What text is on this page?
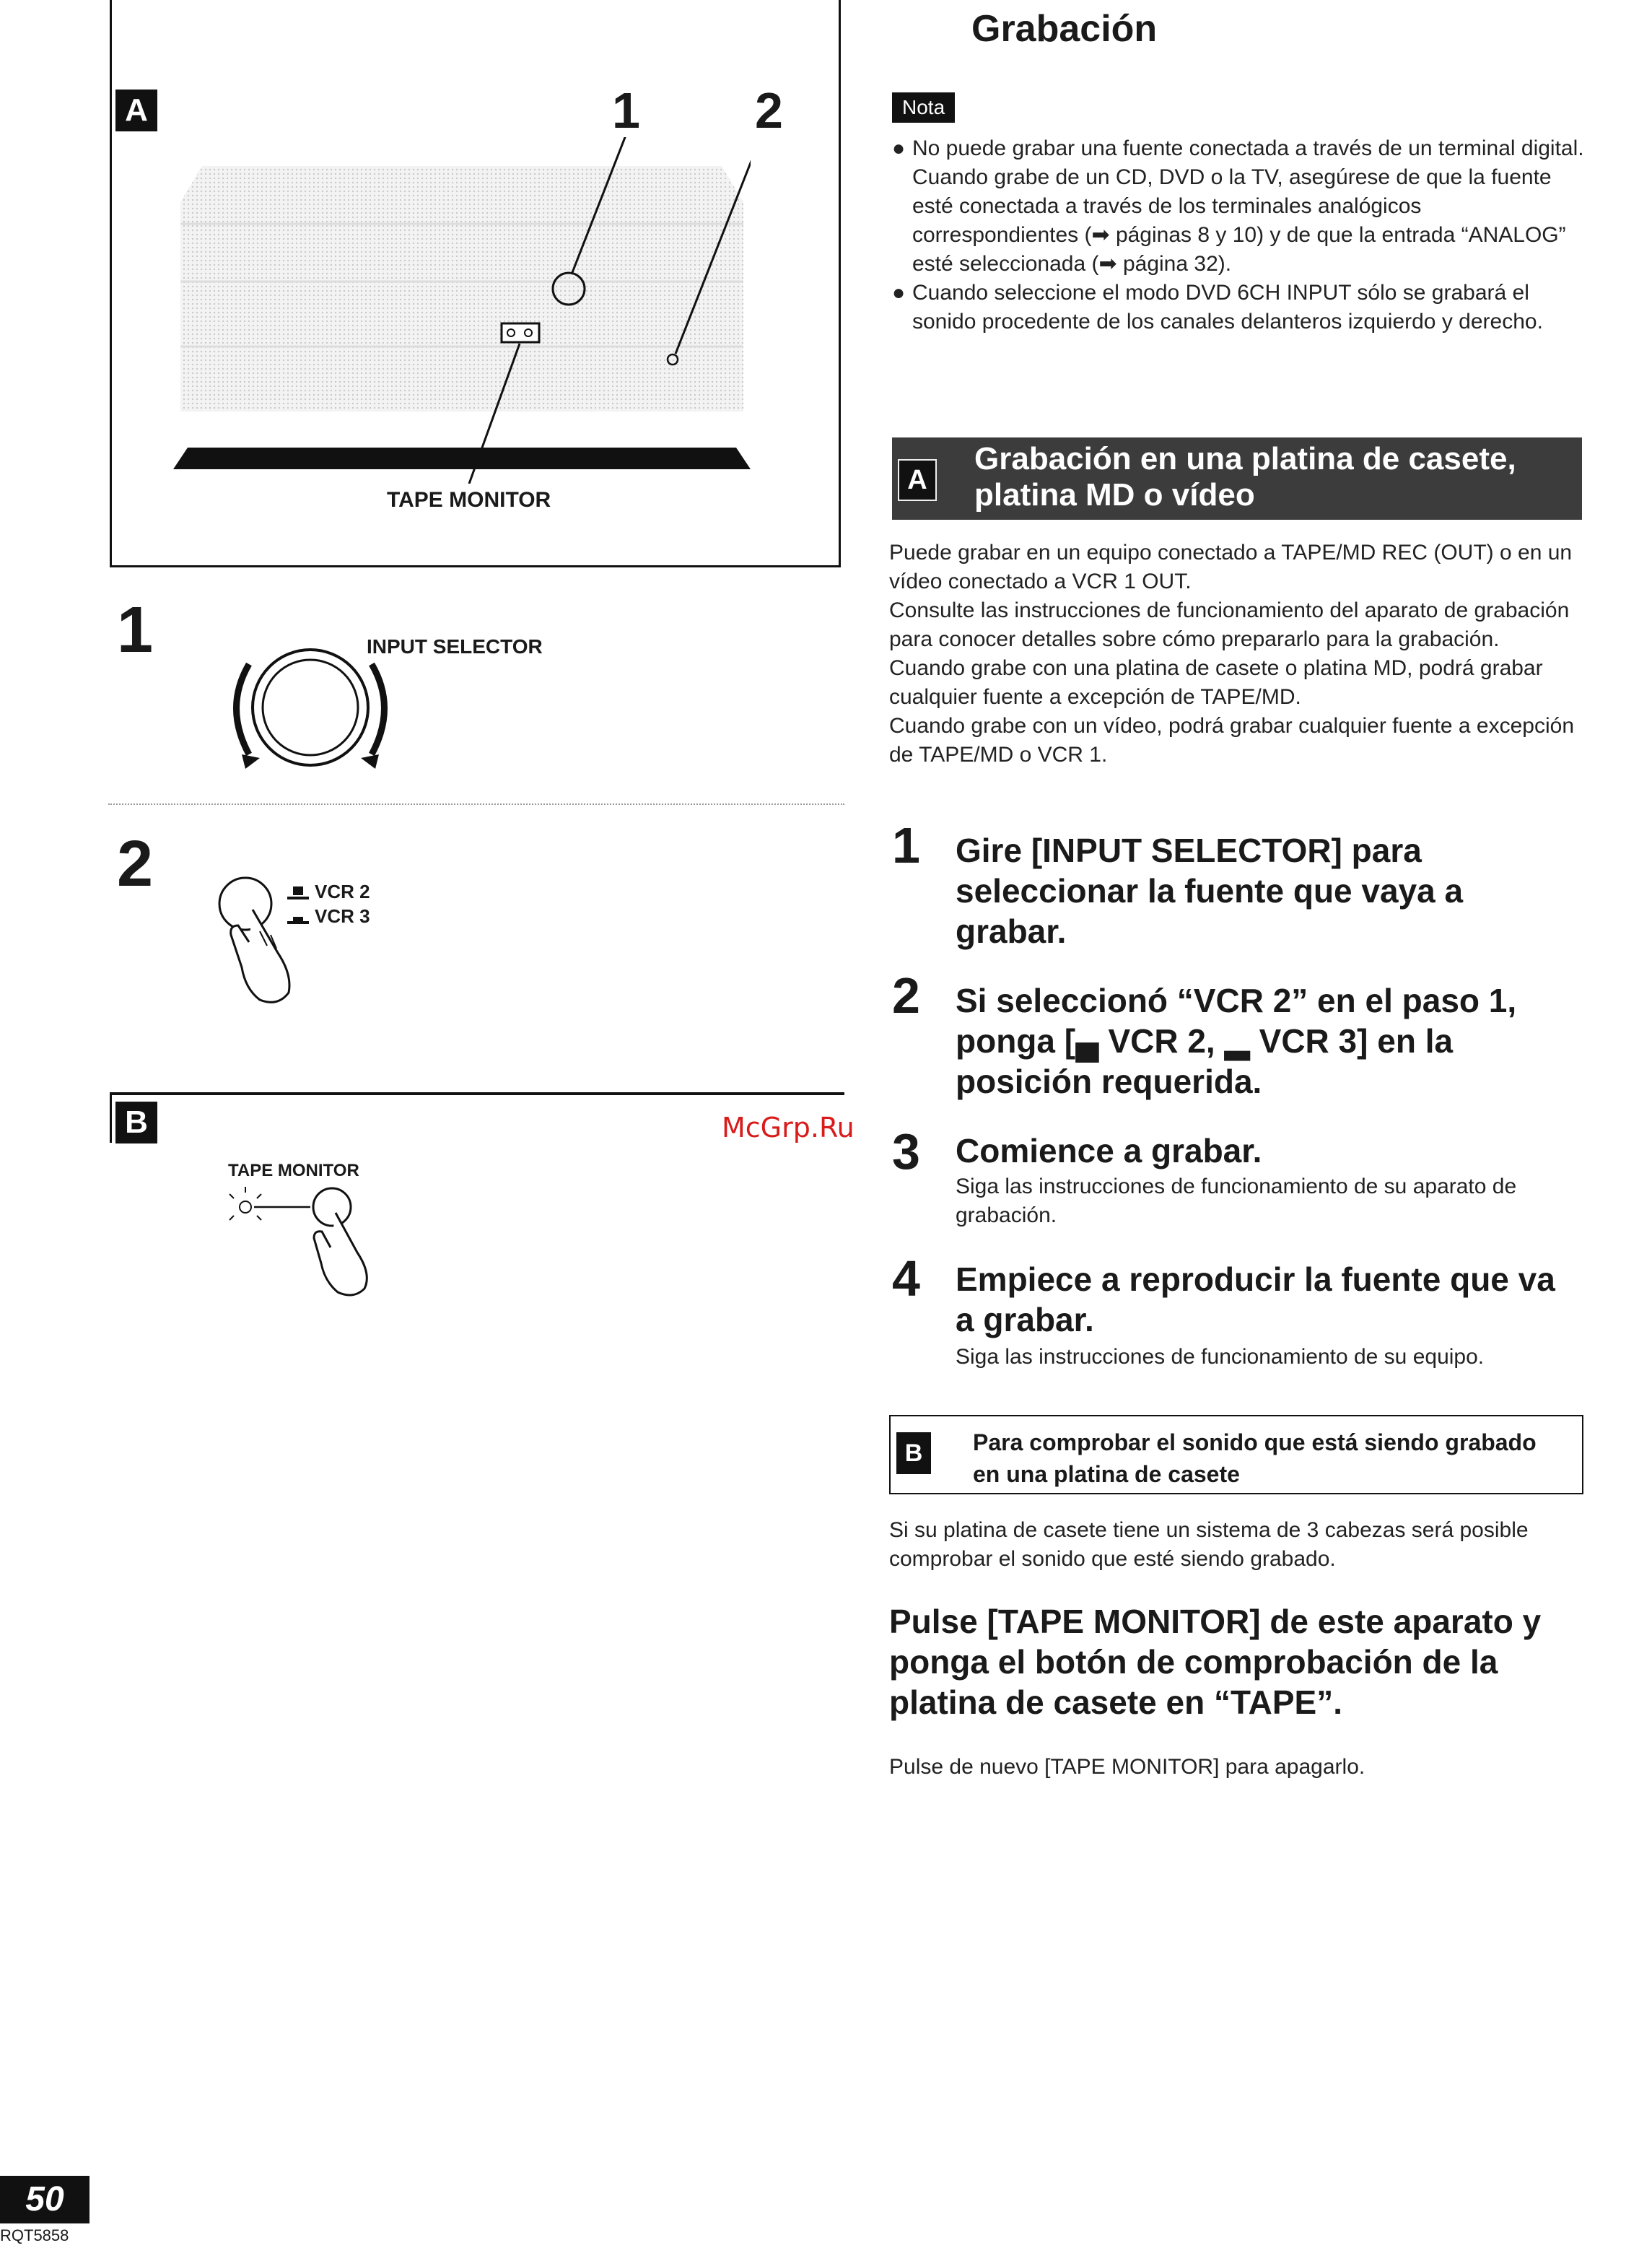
A	1 2
TAPE MONITOR
1	INPUT SELECTOR
2	VCR 2
VCR 3
B
TAPE MONITOR
McGrp.Ru
Grabación
Nota
● No puede grabar una fuente conectada a través de un terminal digital.
Cuando grabe de un CD, DVD o la TV, asegúrese de que la fuente esté conectada a través de los terminales analógicos correspondientes (➡ páginas 8 y 10) y de que la entrada “ANALOG” esté seleccionada (➡ página 32).
● Cuando seleccione el modo DVD 6CH INPUT sólo se grabará el sonido procedente de los canales delanteros izquierdo y derecho.
A
Grabación en una platina de casete,
platina MD o vídeo
Puede grabar en un equipo conectado a TAPE/MD REC (OUT) o en un vídeo conectado a VCR 1 OUT.
Consulte las instrucciones de funcionamiento del aparato de grabación para conocer detalles sobre cómo prepararlo para la grabación.
Cuando grabe con una platina de casete o platina MD, podrá grabar cualquier fuente a excepción de TAPE/MD.
Cuando grabe con un vídeo, podrá grabar cualquier fuente a excepción de TAPE/MD o VCR 1.
1 Gire [INPUT SELECTOR] para seleccionar la fuente que vaya a grabar.
2 Si seleccionó “VCR 2” en el paso 1, ponga [▄ VCR 2, ▂ VCR 3] en la posición requerida.
3 Comience a grabar.
Siga las instrucciones de funcionamiento de su aparato de grabación.
4 Empiece a reproducir la fuente que va a grabar.
Siga las instrucciones de funcionamiento de su equipo.
B	Para comprobar el sonido que está siendo grabado en una platina de casete
Si su platina de casete tiene un sistema de 3 cabezas será posible comprobar el sonido que esté siendo grabado.
Pulse [TAPE MONITOR] de este aparato y ponga el botón de comprobación de la platina de casete en “TAPE”.
Pulse de nuevo [TAPE MONITOR] para apagarlo.
50
RQT5858
